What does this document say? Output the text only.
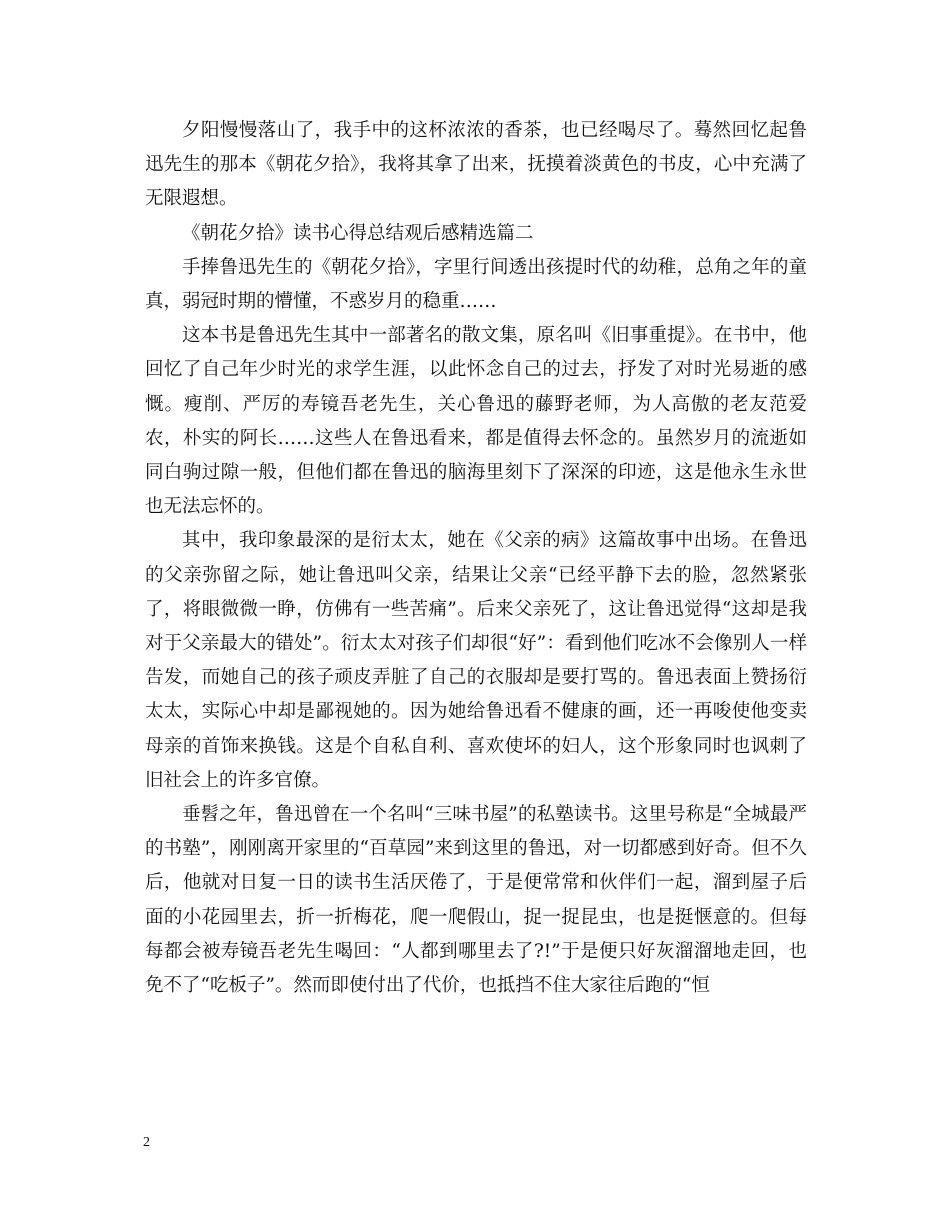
夕阳慢慢落山了，我手中的这杯浓浓的香茶，也已经喝尽了。蓦然回忆起鲁迅先生的那本《朝花夕拾》，我将其拿了出来，抚摸着淡黄色的书皮，心中充满了无限遐想。

《朝花夕拾》读书心得总结观后感精选篇二

手捧鲁迅先生的《朝花夕拾》，字里行间透出孩提时代的幼稚，总角之年的童真，弱冠时期的懵懂，不惑岁月的稳重……

这本书是鲁迅先生其中一部著名的散文集，原名叫《旧事重提》。在书中，他回忆了自己年少时光的求学生涯，以此怀念自己的过去，抒发了对时光易逝的感慨。瘦削、严厉的寿镜吾老先生，关心鲁迅的藤野老师，为人高傲的老友范爱农，朴实的阿长……这些人在鲁迅看来，都是值得去怀念的。虽然岁月的流逝如同白驹过隙一般，但他们都在鲁迅的脑海里刻下了深深的印迹，这是他永生永世也无法忘怀的。

其中，我印象最深的是衍太太，她在《父亲的病》这篇故事中出场。在鲁迅的父亲弥留之际，她让鲁迅叫父亲，结果让父亲“已经平静下去的脸，忽然紧张了，将眼微微一睁，仿佛有一些苦痛”。后来父亲死了，这让鲁迅觉得“这却是我对于父亲最大的错处”。衍太太对孩子们却很“好”：看到他们吃冰不会像别人一样告发，而她自己的孩子顽皮弄脏了自己的衣服却是要打骂的。鲁迅表面上赞扬衍太太，实际心中却是鄙视她的。因为她给鲁迅看不健康的画，还一再唆使他变卖母亲的首饰来换钱。这是个自私自利、喜欢使坏的妇人，这个形象同时也讽刺了旧社会上的许多官僚。

垂髫之年，鲁迅曾在一个名叫“三味书屋”的私塾读书。这里号称是“全城最严的书塾”，刚刚离开家里的“百草园”来到这里的鲁迅，对一切都感到好奇。但不久后，他就对日复一日的读书生活厌倦了，于是便常常和伙伴们一起，溜到屋子后面的小花园里去，折一折梅花，爬一爬假山，捉一捉昆虫，也是挺惬意的。但每每都会被寿镜吾老先生喝回：“人都到哪里去了?!”于是便只好灰溜溜地走回，也免不了“吃板子”。然而即使付出了代价，也抵挡不住大家往后跑的“恒

2
